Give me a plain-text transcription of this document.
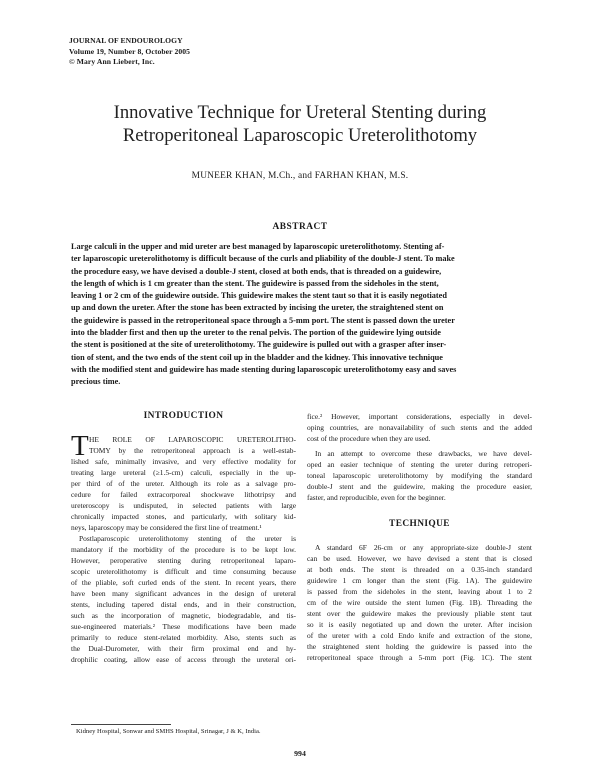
JOURNAL OF ENDOUROLOGY
Volume 19, Number 8, October 2005
© Mary Ann Liebert, Inc.
Innovative Technique for Ureteral Stenting during
Retroperitoneal Laparoscopic Ureterolithotomy
MUNEER KHAN, M.Ch., and FARHAN KHAN, M.S.
ABSTRACT
Large calculi in the upper and mid ureter are best managed by laparoscopic ureterolithotomy. Stenting af-
ter laparoscopic ureterolithotomy is difficult because of the curls and pliability of the double-J stent. To make
the procedure easy, we have devised a double-J stent, closed at both ends, that is threaded on a guidewire,
the length of which is 1 cm greater than the stent. The guidewire is passed from the sideholes in the stent,
leaving 1 or 2 cm of the guidewire outside. This guidewire makes the stent taut so that it is easily negotiated
up and down the ureter. After the stone has been extracted by incising the ureter, the straightened stent on
the guidewire is passed in the retroperitoneal space through a 5-mm port. The stent is passed down the ureter
into the bladder first and then up the ureter to the renal pelvis. The portion of the guidewire lying outside
the stent is positioned at the site of ureterolithotomy. The guidewire is pulled out with a grasper after inser-
tion of stent, and the two ends of the stent coil up in the bladder and the kidney. This innovative technique
with the modified stent and guidewire has made stenting during laparoscopic ureterolithotomy easy and saves
precious time.
INTRODUCTION
HE ROLE OF LAPAROSCOPIC URETEROLITHO-
TOMY by the retroperitoneal approach is a well-estab-
lished safe, minimally invasive, and very effective modality for
treating large ureteral (≥1.5-cm) calculi, especially in the up-
per third of of the ureter. Although its role as a salvage pro-
cedure for failed extracorporeal shockwave lithotripsy and
ureteroscopy is undisputed, in selected patients with large
chronically impacted stones, and particularly, with solitary kid-
neys, laparoscopy may be considered the first line of treatment.¹
Postlaparoscopic ureterolithotomy stenting of the ureter is
mandatory if the morbidity of the procedure is to be kept low.
However, peroperative stenting during retroperitoneal laparo-
scopic ureterolithotomy is difficult and time consuming because
of the pliable, soft curled ends of the stent. In recent years, there
have been many significant advances in the design of ureteral
stents, including tapered distal ends, and in their construction,
such as the incorporation of magnetic, biodegradable, and tis-
sue-engineered materials.² These modifications have been made
primarily to reduce stent-related morbidity. Also, stents such as
the Dual-Durometer, with their firm proximal end and hy-
drophilic coating, allow ease of access through the ureteral ori-
T
fice.² However, important considerations, especially in devel-
oping countries, are nonavailability of such stents and the added
cost of the procedure when they are used.
In an attempt to overcome these drawbacks, we have devel-
oped an easier technique of stenting the ureter during retroperi-
toneal laparoscopic ureterolithotomy by modifying the standard
double-J stent and the guidewire, making the procedure easier,
faster, and reproducible, even for the beginner.
TECHNIQUE
A standard 6F 26-cm or any appropriate-size double-J stent
can be used. However, we have devised a stent that is closed
at both ends. The stent is threaded on a 0.35-inch standard
guidewire 1 cm longer than the stent (Fig. 1A). The guidewire
is passed from the sideholes in the stent, leaving about 1 to 2
cm of the wire outside the stent lumen (Fig. 1B). Threading the
stent over the guidewire makes the previously pliable stent taut
so it is easily negotiated up and down the ureter. After incision
of the ureter with a cold Endo knife and extraction of the stone,
the straightened stent holding the guidewire is passed into the
retroperitoneal space through a 5-mm port (Fig. 1C). The stent
Kidney Hospital, Sonwar and SMHS Hospital, Srinagar, J & K, India.
994
